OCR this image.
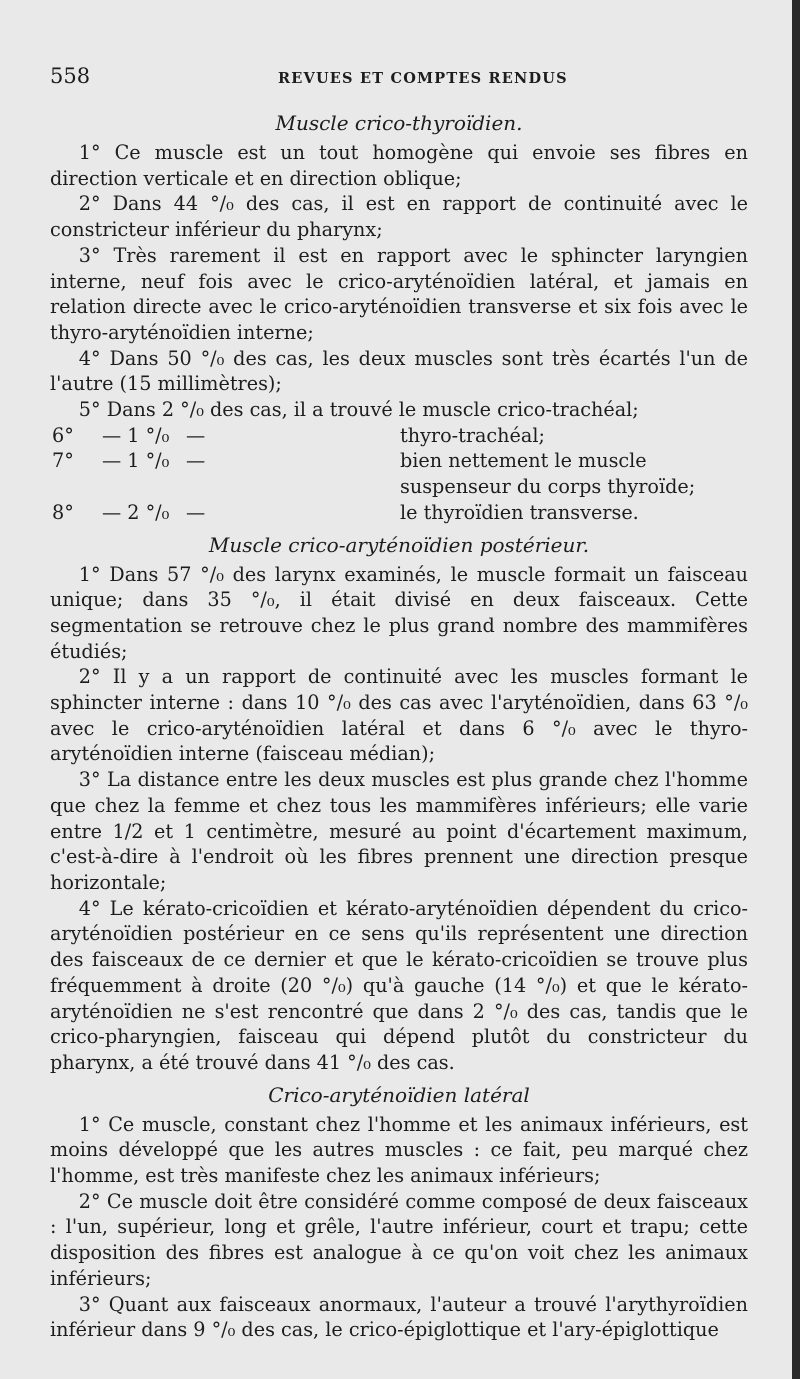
558	REVUES ET COMPTES RENDUS
Muscle crico-thyroïdien.

1° Ce muscle est un tout homogène qui envoie ses fibres en direction verticale et en direction oblique;

2° Dans 44 °/₀ des cas, il est en rapport de continuité avec le constricteur inférieur du pharynx;

3° Très rarement il est en rapport avec le sphincter laryngien interne, neuf fois avec le crico-aryténoïdien latéral, et jamais en relation directe avec le crico-aryténoïdien transverse et six fois avec le thyro-aryténoïdien interne;

4° Dans 50 °/₀ des cas, les deux muscles sont très écartés l'un de l'autre (15 millimètres);

5° Dans 2 °/₀ des cas, il a trouvé le muscle crico-trachéal;

6°	— 1 °/₀	—	thyro-trachéal;
7°	— 1 °/₀	—	bien nettement le muscle suspenseur du corps thyroïde;
8°	— 2 °/₀	—	le thyroïdien transverse.
Muscle crico-aryténoïdien postérieur.

1° Dans 57 °/₀ des larynx examinés, le muscle formait un faisceau unique; dans 35 °/₀, il était divisé en deux faisceaux. Cette segmentation se retrouve chez le plus grand nombre des mammifères étudiés;

2° Il y a un rapport de continuité avec les muscles formant le sphincter interne : dans 10 °/₀ des cas avec l'aryténoïdien, dans 63 °/₀ avec le crico-aryténoïdien latéral et dans 6 °/₀ avec le thyro-aryténoïdien interne (faisceau médian);

3° La distance entre les deux muscles est plus grande chez l'homme que chez la femme et chez tous les mammifères inférieurs; elle varie entre 1/2 et 1 centimètre, mesuré au point d'écartement maximum, c'est-à-dire à l'endroit où les fibres prennent une direction presque horizontale;

4° Le kérato-cricoïdien et kérato-aryténoïdien dépendent du crico-aryténoïdien postérieur en ce sens qu'ils représentent une direction des faisceaux de ce dernier et que le kérato-cricoïdien se trouve plus fréquemment à droite (20 °/₀) qu'à gauche (14 °/₀) et que le kérato-aryténoïdien ne s'est rencontré que dans 2 °/₀ des cas, tandis que le crico-pharyngien, faisceau qui dépend plutôt du constricteur du pharynx, a été trouvé dans 41 °/₀ des cas.

Crico-aryténoïdien latéral

1° Ce muscle, constant chez l'homme et les animaux inférieurs, est moins développé que les autres muscles : ce fait, peu marqué chez l'homme, est très manifeste chez les animaux inférieurs;

2° Ce muscle doit être considéré comme composé de deux faisceaux : l'un, supérieur, long et grêle, l'autre inférieur, court et trapu; cette disposition des fibres est analogue à ce qu'on voit chez les animaux inférieurs;

3° Quant aux faisceaux anormaux, l'auteur a trouvé l'arythyroïdien inférieur dans 9 °/₀ des cas, le crico-épiglottique et l'ary-épiglottique
